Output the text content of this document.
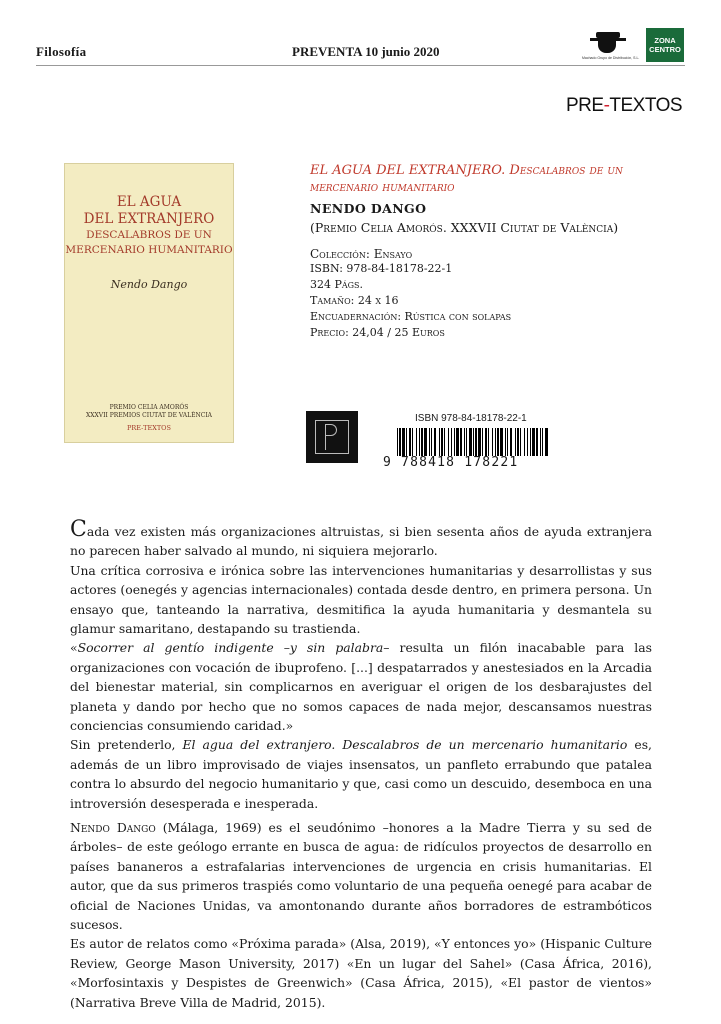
Filosofía	PREVENTA 10 junio 2020	Machado Grupo de Distribución, S.L.
ZONA
CENTRO
PRE-TEXTOS
EL AGUA
DEL EXTRANJERO
DESCALABROS DE UN
MERCENARIO HUMANITARIO
Nendo Dango
PREMIO CELIA AMORÓS
XXXVII PREMIOS CIUTAT DE VALÈNCIA
PRE-TEXTOS
EL AGUA DEL EXTRANJERO. Descalabros de un mercenario humanitario
NENDO DANGO
(Premio Celia Amorós. XXXVII Ciutat de València)
Colección: Ensayo
ISBN: 978-84-18178-22-1
324 Págs.
Tamaño: 24 x 16
Encuadernación: Rústica con solapas
Precio: 24,04 / 25 Euros
ISBN 978-84-18178-22-1
9 788418 178221

Cada vez existen más organizaciones altruistas, si bien sesenta años de ayuda extranjera no parecen haber salvado al mundo, ni siquiera mejorarlo.

Una crítica corrosiva e irónica sobre las intervenciones humanitarias y desarrollistas y sus actores (oenegés y agencias internacionales) contada desde dentro, en primera persona. Un ensayo que, tanteando la narrativa, desmitifica la ayuda humanitaria y desmantela su glamur samaritano, destapando su trastienda.

«Socorrer al gentío indigente –y sin palabra– resulta un filón inacabable para las organizaciones con vocación de ibuprofeno. [...] despatarrados y anestesiados en la Arcadia del bienestar material, sin complicarnos en averiguar el origen de los desbarajustes del planeta y dando por hecho que no somos capaces de nada mejor, descansamos nuestras conciencias consumiendo caridad.»

Sin pretenderlo, El agua del extranjero. Descalabros de un mercenario humanitario es, además de un libro improvisado de viajes insensatos, un panfleto errabundo que patalea contra lo absurdo del negocio humanitario y que, casi como un descuido, desemboca en una introversión desesperada e inesperada.

Nendo Dango (Málaga, 1969) es el seudónimo –honores a la Madre Tierra y su sed de árboles– de este geólogo errante en busca de agua: de ridículos proyectos de desarrollo en países bananeros a estrafalarias intervenciones de urgencia en crisis humanitarias. El autor, que da sus primeros traspiés como voluntario de una pequeña oenegé para acabar de oficial de Naciones Unidas, va amontonando durante años borradores de estrambóticos sucesos.

Es autor de relatos como «Próxima parada» (Alsa, 2019), «Y entonces yo» (Hispanic Culture Review, George Mason University, 2017) «En un lugar del Sahel» (Casa África, 2016), «Morfosintaxis y Despistes de Greenwich» (Casa África, 2015), «El pastor de vientos» (Narrativa Breve Villa de Madrid, 2015).
